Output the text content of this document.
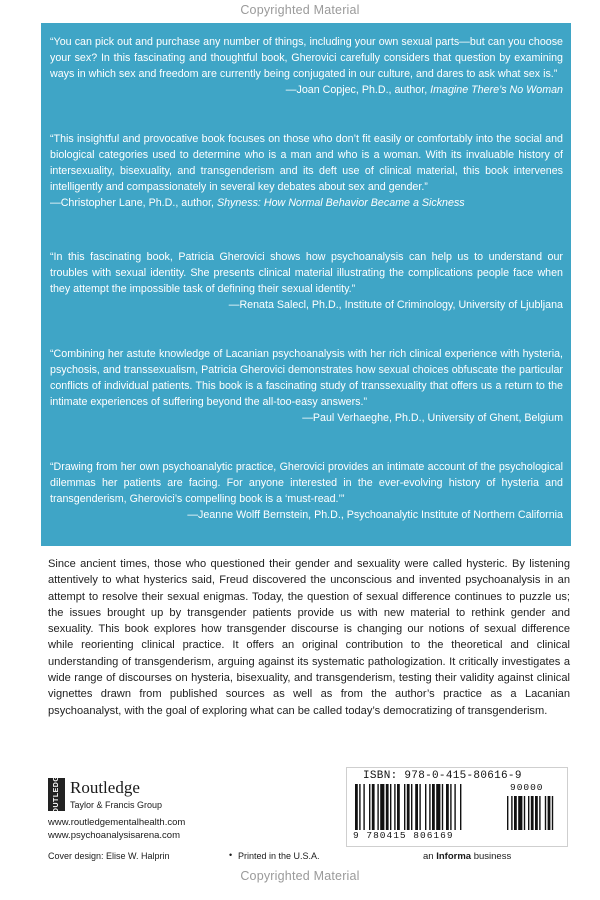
Copyrighted Material
“You can pick out and purchase any number of things, including your own sexual parts—but can you choose your sex? In this fascinating and thoughtful book, Gherovici carefully considers that question by examining ways in which sex and freedom are currently being conjugated in our culture, and dares to ask what sex is.”
—Joan Copjec, Ph.D., author, Imagine There’s No Woman
“This insightful and provocative book focuses on those who don’t fit easily or comfortably into the social and biological categories used to determine who is a man and who is a woman. With its invaluable history of intersexuality, bisexuality, and transgenderism and its deft use of clinical material, this book intervenes intelligently and compassionately in several key debates about sex and gender.”
—Christopher Lane, Ph.D., author, Shyness: How Normal Behavior Became a Sickness
“In this fascinating book, Patricia Gherovici shows how psychoanalysis can help us to understand our troubles with sexual identity. She presents clinical material illustrating the complications people face when they attempt the impossible task of defining their sexual identity.”
—Renata Salecl, Ph.D., Institute of Criminology, University of Ljubljana
“Combining her astute knowledge of Lacanian psychoanalysis with her rich clinical experience with hysteria, psychosis, and transsexualism, Patricia Gherovici demonstrates how sexual choices obfuscate the particular conflicts of individual patients. This book is a fascinating study of transsexuality that offers us a return to the intimate experiences of suffering beyond the all-too-easy answers.”
—Paul Verhaeghe, Ph.D., University of Ghent, Belgium
“Drawing from her own psychoanalytic practice, Gherovici provides an intimate account of the psychological dilemmas her patients are facing. For anyone interested in the ever-evolving history of hysteria and transgenderism, Gherovici’s compelling book is a ‘must-read.’”
—Jeanne Wolff Bernstein, Ph.D., Psychoanalytic Institute of Northern California
Since ancient times, those who questioned their gender and sexuality were called hysteric. By listening attentively to what hysterics said, Freud discovered the unconscious and invented psychoanalysis in an attempt to resolve their sexual enigmas. Today, the question of sexual difference continues to puzzle us; the issues brought up by transgender patients provide us with new material to rethink gender and sexuality. This book explores how transgender discourse is changing our notions of sexual difference while reorienting clinical practice. It offers an original contribution to the theoretical and clinical understanding of transgenderism, arguing against its systematic pathologization. It critically investigates a wide range of discourses on hysteria, bisexuality, and transgenderism, testing their validity against clinical vignettes drawn from published sources as well as from the author’s practice as a Lacanian psychoanalyst, with the goal of exploring what can be called today’s democratizing of transgenderism.
ROUTLEDGE Routledge
Taylor & Francis Group
www.routledgementalhealth.com
www.psychoanalysisarena.com
Cover design: Elise W. Halprin	• Printed in the U.S.A.
ISBN: 978-0-415-80616-9
9 780415 806169
90000
an Informa business
Copyrighted Material
